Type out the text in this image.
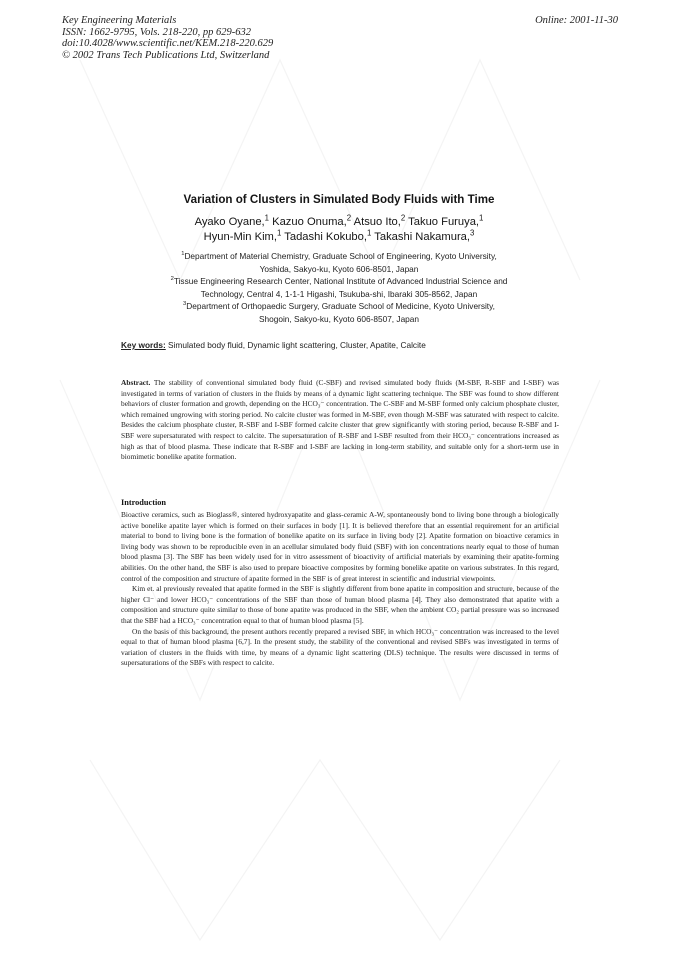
Key Engineering Materials
ISSN: 1662-9795, Vols. 218-220, pp 629-632
doi:10.4028/www.scientific.net/KEM.218-220.629
© 2002 Trans Tech Publications Ltd, Switzerland
Online: 2001-11-30
Variation of Clusters in Simulated Body Fluids with Time
Ayako Oyane,$^1$ Kazuo Onuma,$^2$ Atsuo Ito,$^2$ Takuo Furuya,$^1$
Hyun-Min Kim,$^1$ Tadashi Kokubo,$^1$ Takashi Nakamura,$^3$
$^1$Department of Material Chemistry, Graduate School of Engineering, Kyoto University,
Yoshida, Sakyo-ku, Kyoto 606-8501, Japan
$^2$Tissue Engineering Research Center, National Institute of Advanced Industrial Science and
Technology, Central 4, 1-1-1 Higashi, Tsukuba-shi, Ibaraki 305-8562, Japan
$^3$Department of Orthopaedic Surgery, Graduate School of Medicine, Kyoto University,
Shogoin, Sakyo-ku, Kyoto 606-8507, Japan
Key words: Simulated body fluid, Dynamic light scattering, Cluster, Apatite, Calcite
Abstract. The stability of conventional simulated body fluid (C-SBF) and revised simulated body fluids (M-SBF, R-SBF and I-SBF) was investigated in terms of variation of clusters in the fluids by means of a dynamic light scattering technique. The SBF was found to show different behaviors of cluster formation and growth, depending on the HCO₃⁻ concentration. The C-SBF and M-SBF formed only calcium phosphate cluster, which remained ungrowing with storing period. No calcite cluster was formed in M-SBF, even though M-SBF was saturated with respect to calcite. Besides the calcium phosphate cluster, R-SBF and I-SBF formed calcite cluster that grew significantly with storing period, because R-SBF and I-SBF were supersaturated with respect to calcite. The supersaturation of R-SBF and I-SBF resulted from their HCO₃⁻ concentrations increased as high as that of blood plasma. These indicate that R-SBF and I-SBF are lacking in long-term stability, and suitable only for a short-term use in biomimetic bonelike apatite formation.
Introduction

Bioactive ceramics, such as Bioglass®, sintered hydroxyapatite and glass-ceramic A-W, spontaneously bond to living bone through a biologically active bonelike apatite layer which is formed on their surfaces in body [1]. It is believed therefore that an essential requirement for an artificial material to bond to living bone is the formation of bonelike apatite on its surface in living body [2]. Apatite formation on bioactive ceramics in living body was shown to be reproducible even in an acellular simulated body fluid (SBF) with ion concentrations nearly equal to those of human blood plasma [3]. The SBF has been widely used for in vitro assessment of bioactivity of artificial materials by examining their apatite-forming abilities. On the other hand, the SBF is also used to prepare bioactive composites by forming bonelike apatite on various substrates. In this regard, control of the composition and structure of apatite formed in the SBF is of great interest in scientific and industrial viewpoints.

Kim et. al previously revealed that apatite formed in the SBF is slightly different from bone apatite in composition and structure, because of the higher Cl⁻ and lower HCO₃⁻ concentrations of the SBF than those of human blood plasma [4]. They also demonstrated that apatite with a composition and structure quite similar to those of bone apatite was produced in the SBF, when the ambient CO₂ partial pressure was so increased that the SBF had a HCO₃⁻ concentration equal to that of human blood plasma [5].

On the basis of this background, the present authors recently prepared a revised SBF, in which HCO₃⁻ concentration was increased to the level equal to that of human blood plasma [6,7]. In the present study, the stability of the conventional and revised SBFs was investigated in terms of variation of clusters in the fluids with time, by means of a dynamic light scattering (DLS) technique. The results were discussed in terms of supersaturations of the SBFs with respect to calcite.
